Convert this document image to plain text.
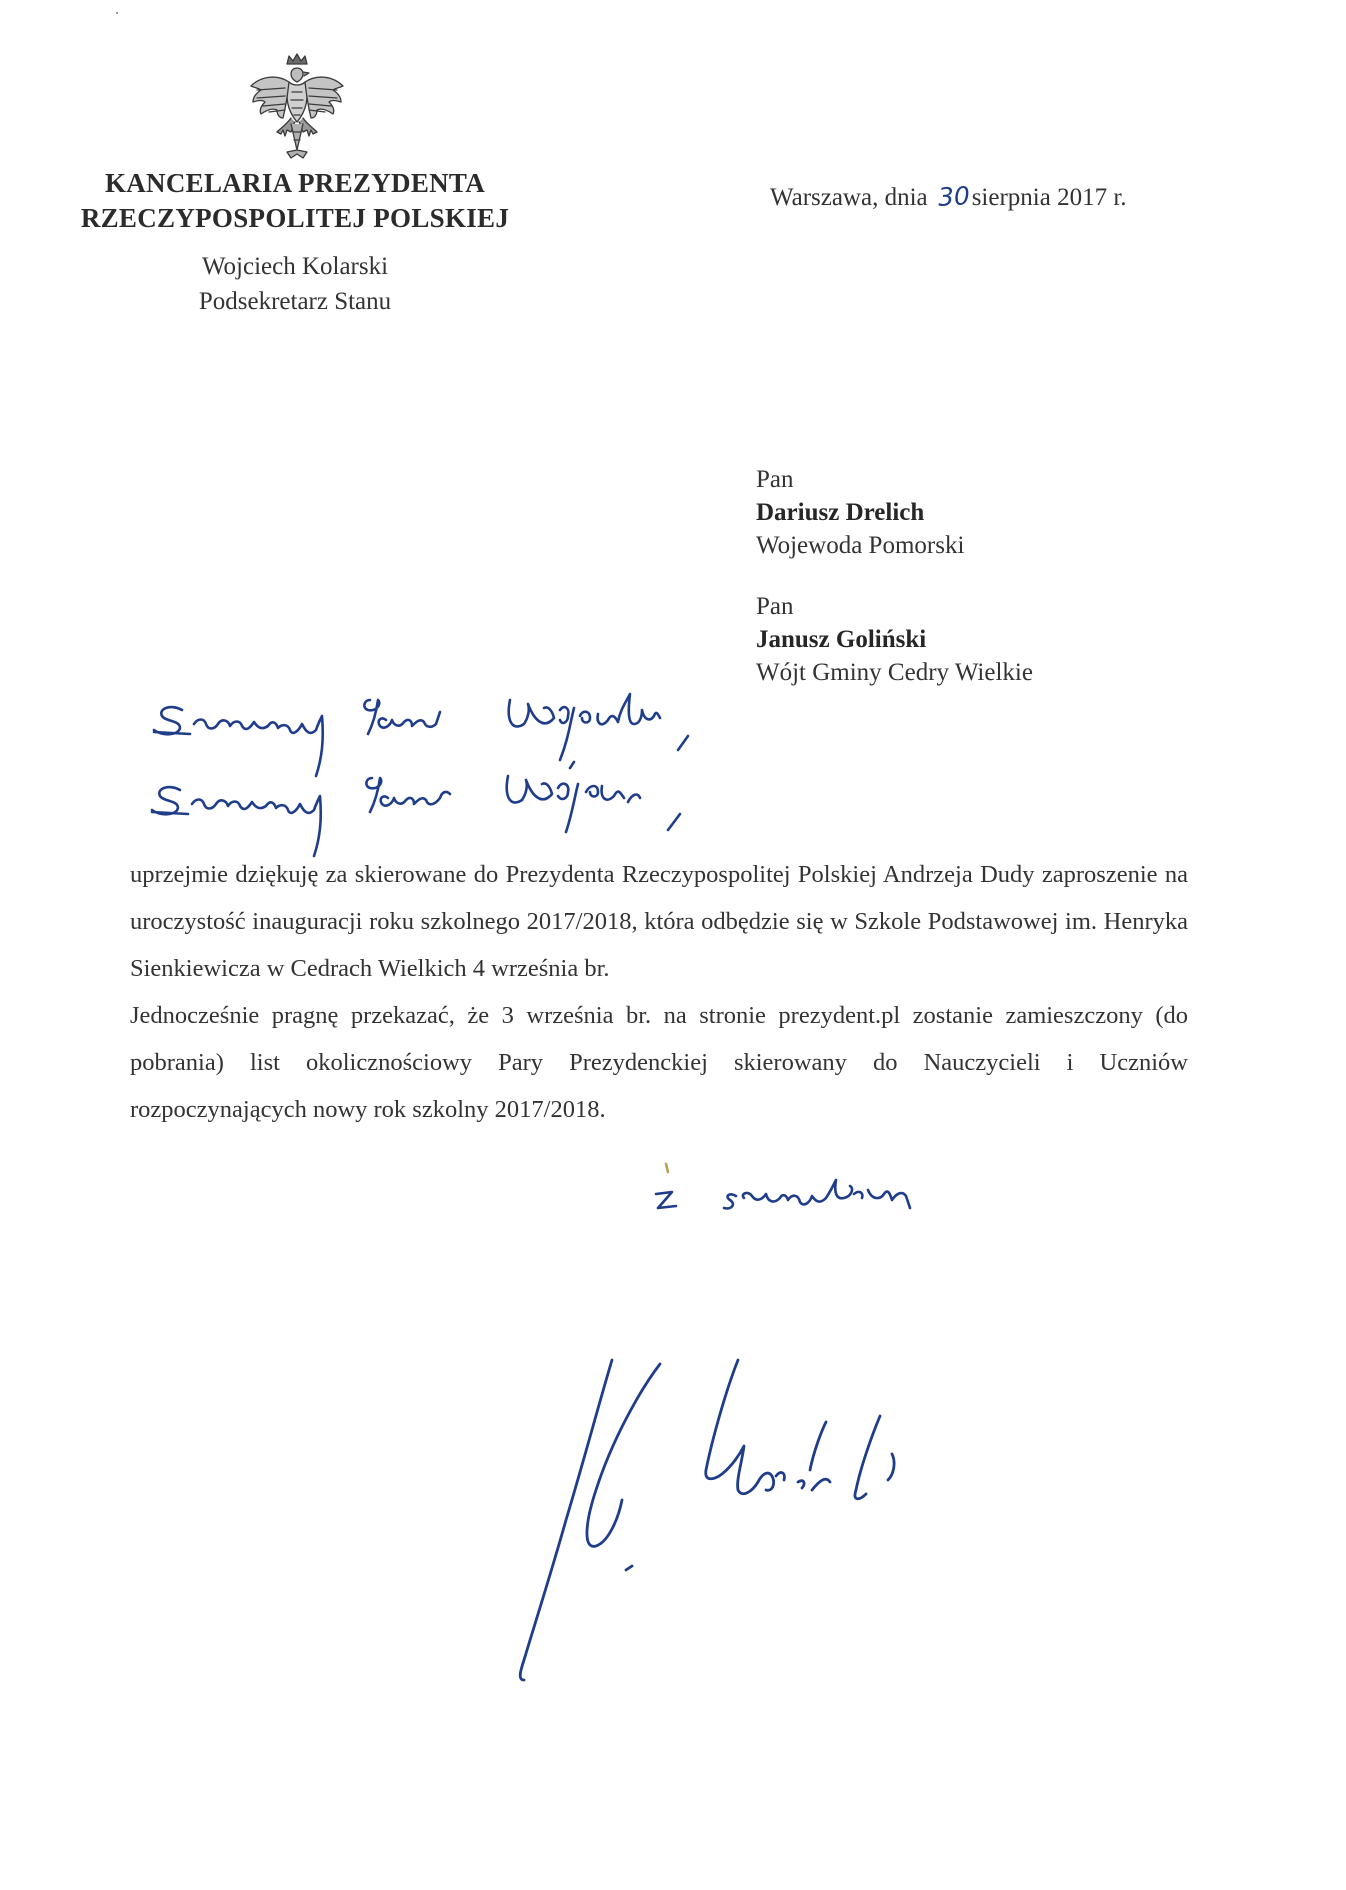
KANCELARIA PREZYDENTA
RZECZYPOSPOLITEJ POLSKIEJ
Wojciech Kolarski
Podsekretarz Stanu
Warszawa, dnia 30sierpnia 2017 r.
Pan
Dariusz Drelich
Wojewoda Pomorski
Pan
Janusz Goliński
Wójt Gminy Cedry Wielkie

uprzejmie dziękuję za skierowane do Prezydenta Rzeczypospolitej Polskiej Andrzeja Dudy zaproszenie na uroczystość inauguracji roku szkolnego 2017/2018, która odbędzie się w Szkole Podstawowej im. Henryka Sienkiewicza w Cedrach Wielkich 4 września br.

Jednocześnie pragnę przekazać, że 3 września br. na stronie prezydent.pl zostanie zamieszczony (do pobrania) list okolicznościowy Pary Prezydenckiej skierowany do Nauczycieli i Uczniów rozpoczynających nowy rok szkolny 2017/2018.
